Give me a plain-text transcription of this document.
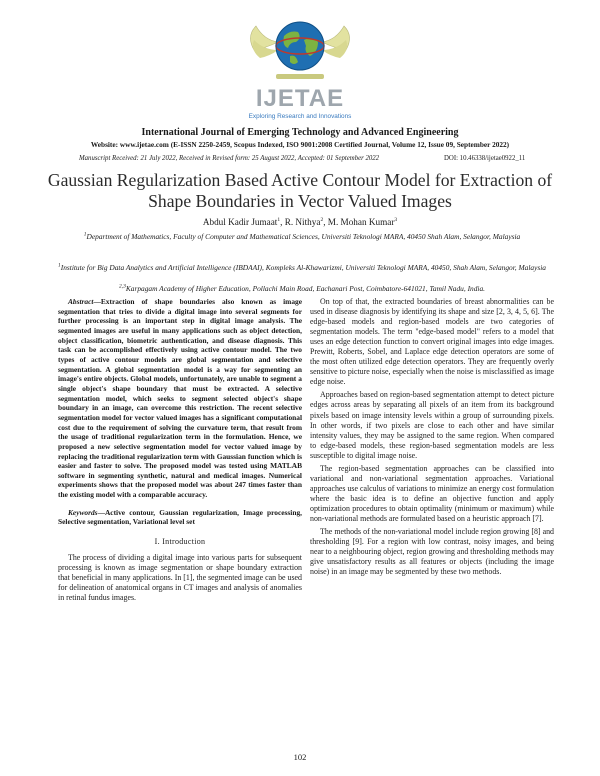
IJETAE
Exploring Research and Innovations
International Journal of Emerging Technology and Advanced Engineering
Website: www.ijetae.com (E-ISSN 2250-2459, Scopus Indexed, ISO 9001:2008 Certified Journal, Volume 12, Issue 09, September 2022)
Manuscript Received: 21 July 2022, Received in Revised form: 25 August 2022, Accepted: 01 September 2022	DOI: 10.46338/ijetae0922_11
Gaussian Regularization Based Active Contour Model for Extraction of Shape Boundaries in Vector Valued Images
Abdul Kadir Jumaat$^1$, R. Nithya$^2$, M. Mohan Kumar$^3$
$^1$Department of Mathematics, Faculty of Computer and Mathematical Sciences, Universiti Teknologi MARA, 40450 Shah Alam, Selangor, Malaysia
$^1$Institute for Big Data Analytics and Artificial Intelligence (IBDAAI), Kompleks Al-Khawarizmi, Universiti Teknologi MARA, 40450, Shah Alam, Selangor, Malaysia
$^{2,3}$Karpagam Academy of Higher Education, Pollachi Main Road, Eachanari Post, Coimbatore-641021, Tamil Nadu, India.

Abstract—Extraction of shape boundaries also known as image segmentation that tries to divide a digital image into several segments for further processing is an important step in digital image analysis. The segmented images are useful in many applications such as object detection, object classification, biometric authentication, and disease diagnosis. This task can be accomplished effectively using active contour model. The two types of active contour models are global segmentation and selective segmentation. A global segmentation model is a way for segmenting an image's entire objects. Global models, unfortunately, are unable to segment a single object's shape boundary that must be extracted. A selective segmentation model, which seeks to segment selected object's shape boundary in an image, can overcome this restriction. The recent selective segmentation model for vector valued images has a significant computational cost due to the requirement of solving the curvature term, that result from the usage of traditional regularization term in the formulation. Hence, we proposed a new selective segmentation model for vector valued image by replacing the traditional regularization term with Gaussian function which is easier and faster to solve. The proposed model was tested using MATLAB software in segmenting synthetic, natural and medical images. Numerical experiments shows that the proposed model was about 247 times faster than the existing model with a comparable accuracy.

Keywords—Active contour, Gaussian regularization, Image processing, Selective segmentation, Variational level set

I. Introduction

The process of dividing a digital image into various parts for subsequent processing is known as image segmentation or shape boundary extraction that beneficial in many applications. In [1], the segmented image can be used for delineation of anatomical organs in CT images and analysis of anomalies in retinal fundus images.

On top of that, the extracted boundaries of breast abnormalities can be used in disease diagnosis by identifying its shape and size [2, 3, 4, 5, 6]. The edge-based models and region-based models are two categories of segmentation models. The term "edge-based model" refers to a model that uses an edge detection function to convert original images into edge images. Prewitt, Roberts, Sobel, and Laplace edge detection operators are some of the most often utilized edge detection operators. They are frequently overly sensitive to picture noise, especially when the noise is misclassified as image edge noise.

Approaches based on region-based segmentation attempt to detect picture edges across areas by separating all pixels of an item from its background pixels based on image intensity levels within a group of surrounding pixels. In other words, if two pixels are close to each other and have similar intensity values, they may be assigned to the same region. When compared to edge-based models, these region-based segmentation models are less susceptible to digital image noise.

The region-based segmentation approaches can be classified into variational and non-variational segmentation approaches. Variational approaches use calculus of variations to minimize an energy cost formulation where the basic idea is to define an objective function and apply optimization procedures to obtain optimality (minimum or maximum) while non-variational methods are formulated based on a heuristic approach [7].

The methods of the non-variational model include region growing [8] and thresholding [9]. For a region with low contrast, noisy images, and being near to a neighbouring object, region growing and thresholding methods may give unsatisfactory results as all features or objects (including the image noise) in an image may be segmented by these two methods.

102
